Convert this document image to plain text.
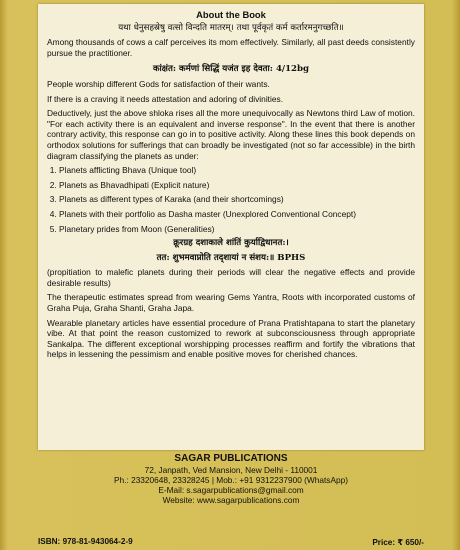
About the Book
यथा धेनुसहस्रेषु वत्सो विन्दति मातरम्। तथा पूर्वकृतं कर्म कर्तारमनुगच्छति॥

Among thousands of cows a calf perceives its mom effectively. Similarly, all past deeds consistently pursue the practitioner.

कांक्षंत: कर्मणां सिद्धिं यजंत इह देवता: 4/12bg

People worship different Gods for satisfaction of their wants.

If there is a craving it needs attestation and adoring of divinities.

Deductively, just the above shloka rises all the more unequivocally as Newtons third Law of motion. "For each activity there is an equivalent and inverse response". In the event that there is another contrary activity, this response can go in to positive activity. Along these lines this book depends on orthodox solutions for sufferings that can broadly be investigated (not so far accessible) in the birth diagram classifying the planets as under:

1. Planets afflicting Bhava (Unique tool)
2. Planets as Bhavadhipati (Explicit nature)
3. Planets as different types of Karaka (and their shortcomings)
4. Planets with their portfolio as Dasha master (Unexplored Conventional Concept)
5. Planetary prides from Moon (Generalities)
क्रूरग्रह दशाकाले शांतिं कुर्याद्विधानत:।
तत: शुभमवाप्नोति तद्शायां न संशय:॥ BPHS

(propitiation to malefic planets during their periods will clear the negative effects and provide desirable results)

The therapeutic estimates spread from wearing Gems Yantra, Roots with incorporated customs of Graha Puja, Graha Shanti, Graha Japa.

Wearable planetary articles have essential procedure of Prana Pratishtapana to start the planetary vibe. At that point the reason customized to rework at subconsciousness through appropriate Sankalpa. The different exceptional worshipping processes reaffirm and fortify the vibrations that helps in lessening the pessimism and enable positive moves for cherished chances.

SAGAR PUBLICATIONS
72, Janpath, Ved Mansion, New Delhi - 110001
Ph.: 23320648, 23328245 | Mob.: +91 9312237900 (WhatsApp)
E-Mail: s.sagarpublications@gmail.com
Website: www.sagarpublications.com
ISBN: 978-81-943064-2-9	Price: ₹ 650/-
